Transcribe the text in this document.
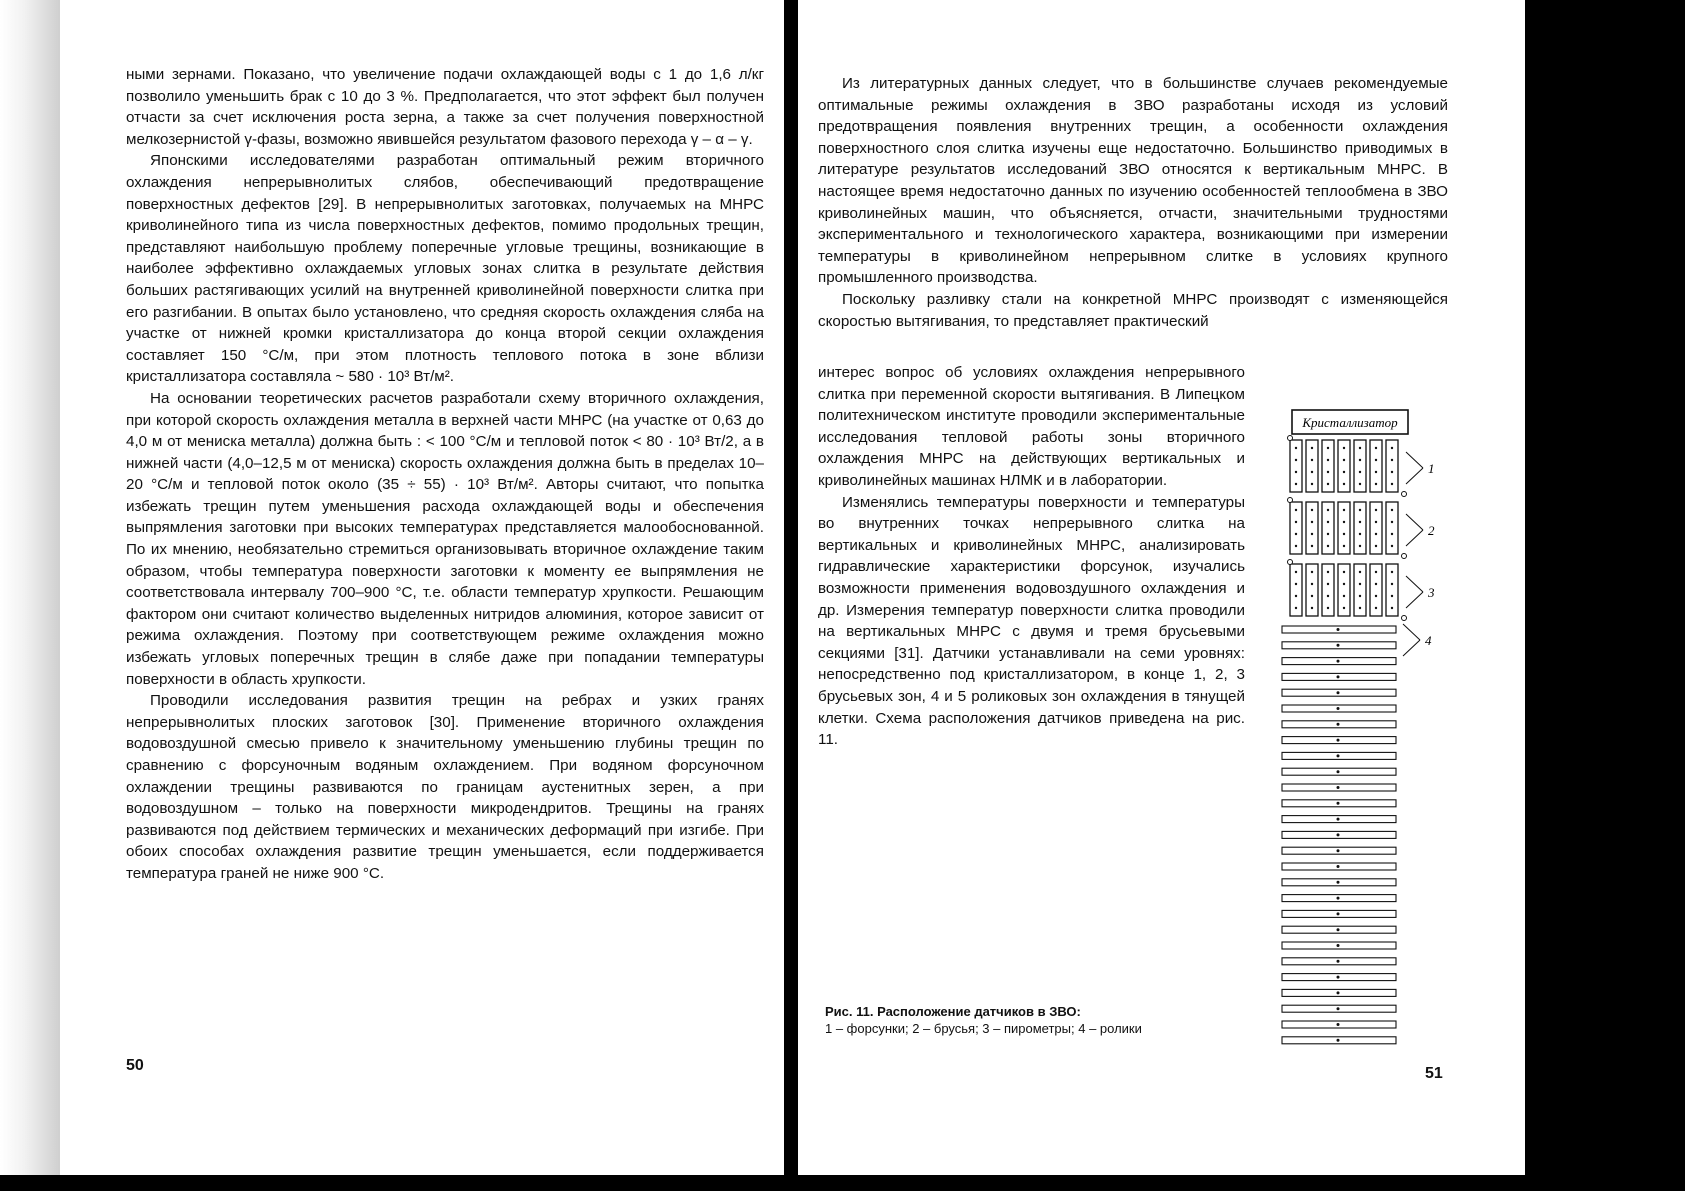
ными зернами. Показано, что увеличение подачи охлаждающей воды с 1 до 1,6 л/кг позволило уменьшить брак с 10 до 3 %. Предполагается, что этот эффект был получен отчасти за счет исключения роста зерна, а также за счет получения поверхностной мелкозернистой γ-фазы, возможно явившейся результатом фазового перехода γ – α – γ.

Японскими исследователями разработан оптимальный режим вторичного охлаждения непрерывнолитых слябов, обеспечивающий предотвращение поверхностных дефектов [29]. В непрерывнолитых заготовках, получаемых на МНРС криволинейного типа из числа поверхностных дефектов, помимо продольных трещин, представляют наибольшую проблему поперечные угловые трещины, возникающие в наиболее эффективно охлаждаемых угловых зонах слитка в результате действия больших растягивающих усилий на внутренней криволинейной поверхности слитка при его разгибании. В опытах было установлено, что средняя скорость охлаждения сляба на участке от нижней кромки кристаллизатора до конца второй секции охлаждения составляет 150 °С/м, при этом плотность теплового потока в зоне вблизи кристаллизатора составляла ~ 580 · 10³ Вт/м².

На основании теоретических расчетов разработали схему вторичного охлаждения, при которой скорость охлаждения металла в верхней части МНРС (на участке от 0,63 до 4,0 м от мениска металла) должна быть : < 100 °С/м и тепловой поток < 80 · 10³ Вт/2, а в нижней части (4,0–12,5 м от мениска) скорость охлаждения должна быть в пределах 10–20 °С/м и тепловой поток около (35 ÷ 55) · 10³ Вт/м². Авторы считают, что попытка избежать трещин путем уменьшения расхода охлаждающей воды и обеспечения выпрямления заготовки при высоких температурах представляется малообоснованной. По их мнению, необязательно стремиться организовывать вторичное охлаждение таким образом, чтобы температура поверхности заготовки к моменту ее выпрямления не соответствовала интервалу 700–900 °С, т.е. области температур хрупкости. Решающим фактором они считают количество выделенных нитридов алюминия, которое зависит от режима охлаждения. Поэтому при соответствующем режиме охлаждения можно избежать угловых поперечных трещин в слябе даже при попадании температуры поверхности в область хрупкости.

Проводили исследования развития трещин на ребрах и узких гранях непрерывнолитых плоских заготовок [30]. Применение вторичного охлаждения водовоздушной смесью привело к значительному уменьшению глубины трещин по сравнению с форсуночным водяным охлаждением. При водяном форсуночном охлаждении трещины развиваются по границам аустенитных зерен, а при водовоздушном – только на поверхности микродендритов. Трещины на гранях развиваются под действием термических и механических деформаций при изгибе. При обоих способах охлаждения развитие трещин уменьшается, если поддерживается температура граней не ниже 900 °С.

50

Из литературных данных следует, что в большинстве случаев рекомендуемые оптимальные режимы охлаждения в ЗВО разработаны исходя из условий предотвращения появления внутренних трещин, а особенности охлаждения поверхностного слоя слитка изучены еще недостаточно. Большинство приводимых в литературе результатов исследований ЗВО относятся к вертикальным МНРС. В настоящее время недостаточно данных по изучению особенностей теплообмена в ЗВО криволинейных машин, что объясняется, отчасти, значительными трудностями экспериментального и технологического характера, возникающими при измерении температуры в криволинейном непрерывном слитке в условиях крупного промышленного производства.

Поскольку разливку стали на конкретной МНРС производят с изменяющейся скоростью вытягивания, то представляет практический

интерес вопрос об условиях охлаждения непрерывного слитка при переменной скорости вытягивания. В Липецком политехническом институте проводили экспериментальные исследования тепловой работы зоны вторичного охлаждения МНРС на действующих вертикальных и криволинейных машинах НЛМК и в лаборатории.

Изменялись температуры поверхности и температуры во внутренних точках непрерывного слитка на вертикальных и криволинейных МНРС, анализировать гидравлические характеристики форсунок, изучались возможности применения водовоздушного охлаждения и др. Измерения температур поверхности слитка проводили на вертикальных МНРС с двумя и тремя брусьевыми секциями [31]. Датчики устанавливали на семи уровнях: непосредственно под кристаллизатором, в конце 1, 2, 3 брусьевых зон, 4 и 5 роликовых зон охлаждения в тянущей клетки. Схема расположения датчиков приведена на рис. 11.

Рис. 11. Расположение датчиков в ЗВО:
1 – форсунки; 2 – брусья; 3 – пирометры; 4 – ролики
51
Кристаллизатор
1
2
3
4
